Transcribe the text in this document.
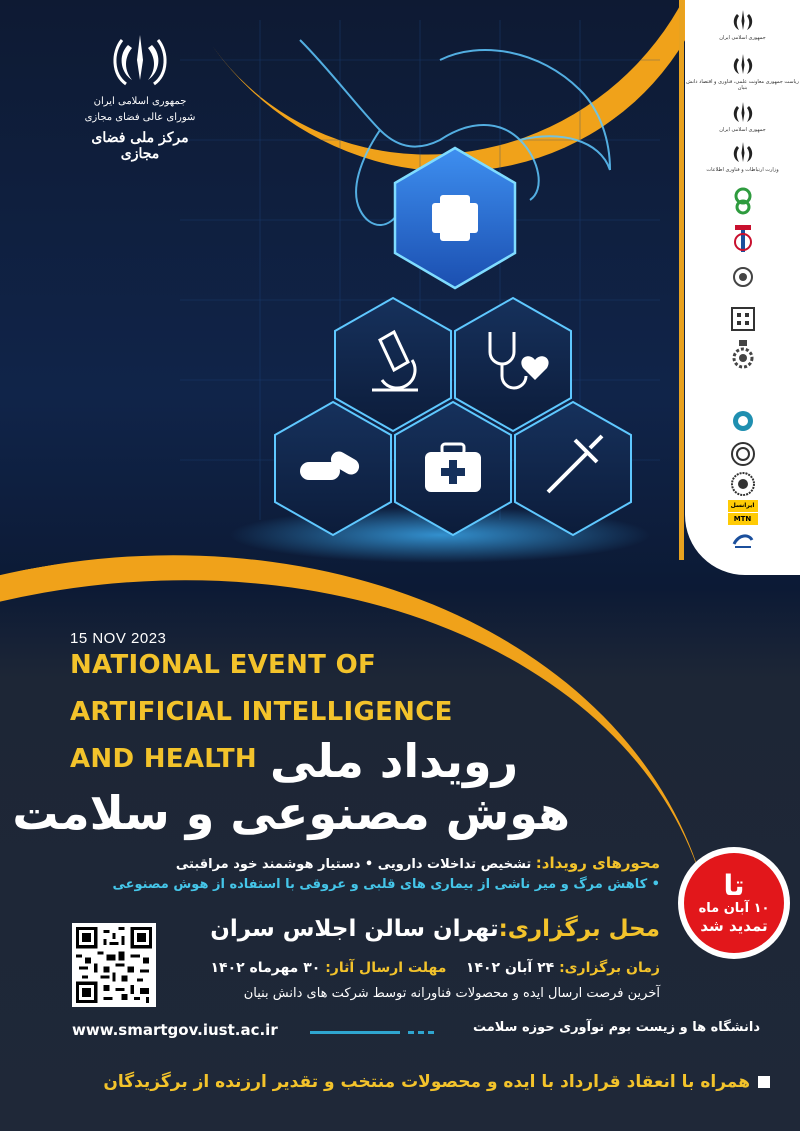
جمهوری اسلامی ایران
شورای عالی فضای مجازی
مرکز ملی فضای مجازی
جمهوری اسلامی ایران
ریاست جمهوری معاونت علمی، فناوری و اقتصاد دانش بنیان
جمهوری اسلامی ایران
وزارت ارتباطات و فناوری اطلاعات
ایرانسل
MTN
15 NOV 2023
NATIONAL EVENT OF
ARTIFICIAL INTELLIGENCE
AND HEALTH رویداد ملی
هوش مصنوعی و سلامت
محورهای رویداد: تشخیص تداخلات دارویی • دستیار هوشمند خود مراقبتی
• کاهش مرگ و میر ناشی از بیماری های قلبی و عروقی با استفاده از هوش مصنوعی تا
۱۰ آبان ماه
تمدید شد
محل برگزاری:تهران سالن اجلاس سران
زمان برگزاری: ۲۴ آبان ۱۴۰۲    مهلت ارسال آثار: ۳۰ مهرماه ۱۴۰۲
آخرین فرصت ارسال ایده و محصولات فناورانه توسط شرکت های دانش بنیان
دانشگاه ها و زیست بوم نوآوری حوزه سلامت
www.smartgov.iust.ac.ir
همراه با انعقاد قرارداد با ایده و محصولات منتخب و تقدیر ارزنده از برگزیدگان
